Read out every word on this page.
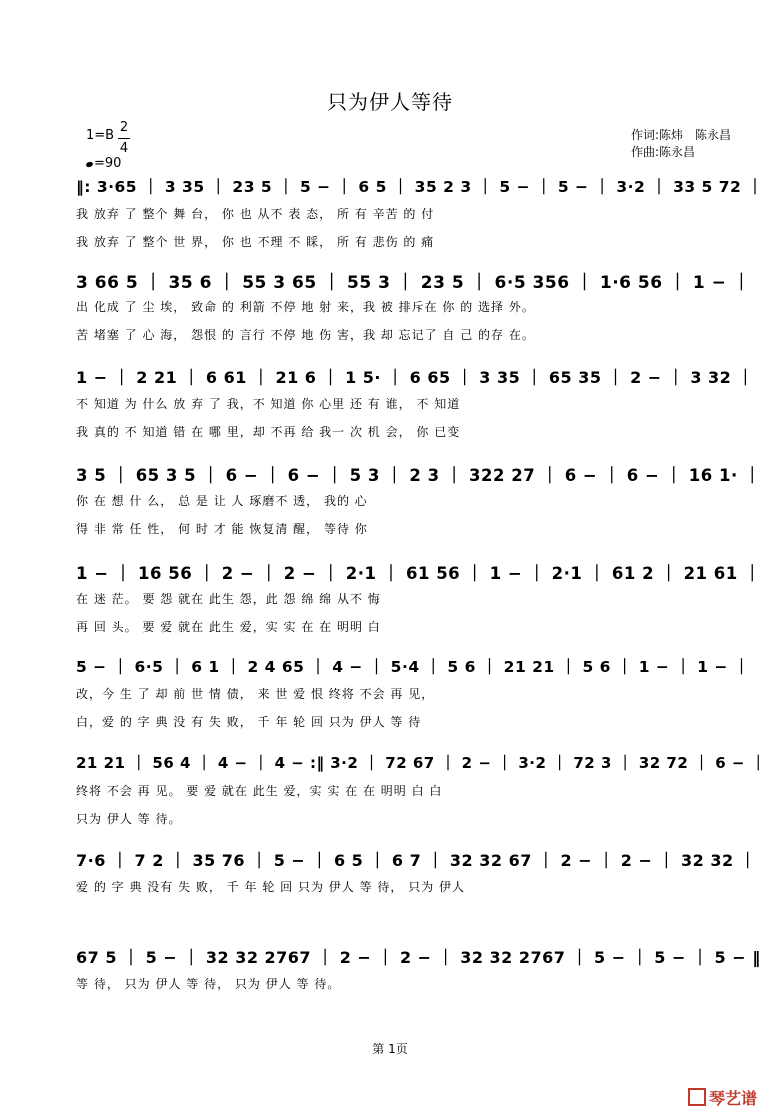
只为伊人等待
1=B
2
4
=90
作词:陈炜　陈永昌
作曲:陈永昌
‖: 3·65 ｜ 3 35 ｜ 23 5 ｜ 5 − ｜ 6 5 ｜ 35 2 3 ｜ 5 − ｜ 5 − ｜ 3·2 ｜ 33 5 72 ｜
我 放弃 了 整个 舞 台， 你 也 从不 表 态， 所 有 辛苦 的 付
我 放弃 了 整个 世 界， 你 也 不理 不 睬， 所 有 悲伤 的 痛
3 66 5 ｜ 35 6 ｜ 55 3 65 ｜ 55 3 ｜ 23 5 ｜ 6·5 356 ｜ 1·6 56 ｜ 1 − ｜
出 化成 了 尘 埃， 致命 的 利箭 不停 地 射 来，我 被 排斥在 你 的 选择 外。
苦 堵塞 了 心 海， 怨恨 的 言行 不停 地 伤 害，我 却 忘记了 自 己 的存 在。
1 − ｜ 2 21 ｜ 6 61 ｜ 21 6 ｜ 1 5· ｜ 6 65 ｜ 3 35 ｜ 65 35 ｜ 2 − ｜ 3 32 ｜
不 知道 为 什么 放 弃 了 我，不 知道 你 心里 还 有 谁， 不 知道
我 真的 不 知道 错 在 哪 里，却 不再 给 我一 次 机 会， 你 已变
3 5 ｜ 65 3 5 ｜ 6 − ｜ 6 − ｜ 5 3 ｜ 2 3 ｜ 322 27 ｜ 6 − ｜ 6 − ｜ 16 1· ｜
你 在 想 什 么， 总 是 让 人 琢磨不 透， 我的 心
得 非 常 任 性， 何 时 才 能 恢复清 醒， 等待 你
1 − ｜ 16 56 ｜ 2 − ｜ 2 − ｜ 2·1 ｜ 61 56 ｜ 1 − ｜ 2·1 ｜ 61 2 ｜ 21 61 ｜
在 迷 茫。 要 怨 就在 此生 怨，此 怨 绵 绵 从不 悔
再 回 头。 要 爱 就在 此生 爱，实 实 在 在 明明 白
5 − ｜ 6·5 ｜ 6 1 ｜ 2 4 65 ｜ 4 − ｜ 5·4 ｜ 5 6 ｜ 21 21 ｜ 5 6 ｜ 1 − ｜ 1 − ｜
改，今 生 了 却 前 世 情 债， 来 世 爱 恨 终将 不会 再 见，
白，爱 的 字 典 没 有 失 败， 千 年 轮 回 只为 伊人 等 待
21 21 ｜ 56 4 ｜ 4 − ｜ 4 − :‖ 3·2 ｜ 72 67 ｜ 2 − ｜ 3·2 ｜ 72 3 ｜ 32 72 ｜ 6 − ｜
终将 不会 再 见。 要 爱 就在 此生 爱，实 实 在 在 明明 白 白
只为 伊人 等 待。
7·6 ｜ 7 2 ｜ 35 76 ｜ 5 − ｜ 6 5 ｜ 6 7 ｜ 32 32 67 ｜ 2 − ｜ 2 − ｜ 32 32 ｜
爱 的 字 典 没有 失 败， 千 年 轮 回 只为 伊人 等 待， 只为 伊人
67 5 ｜ 5 − ｜ 32 32 2767 ｜ 2 − ｜ 2 − ｜ 32 32 2767 ｜ 5 − ｜ 5 − ｜ 5 − ‖
等 待， 只为 伊人 等 待， 只为 伊人 等 待。
第 1页
琴艺谱
